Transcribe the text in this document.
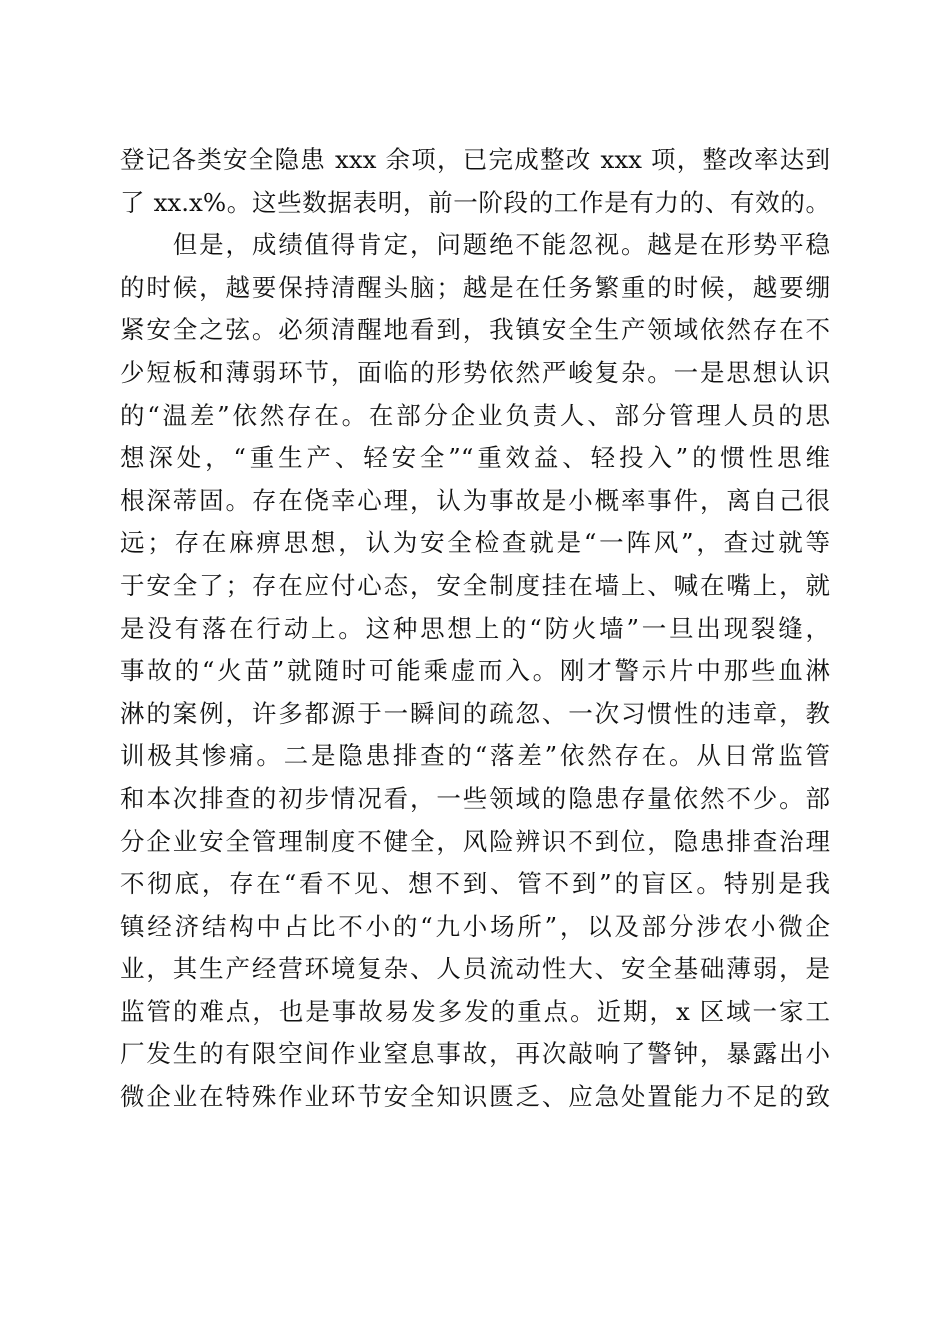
登记各类安全隐患 xxx 余项，已完成整改 xxx 项，整改率达到
了 xx.x%。这些数据表明，前一阶段的工作是有力的、有效的。
　　但是，成绩值得肯定，问题绝不能忽视。越是在形势平稳
的时候，越要保持清醒头脑；越是在任务繁重的时候，越要绷
紧安全之弦。必须清醒地看到，我镇安全生产领域依然存在不
少短板和薄弱环节，面临的形势依然严峻复杂。一是思想认识
的“温差”依然存在。在部分企业负责人、部分管理人员的思
想深处，“重生产、轻安全”“重效益、轻投入”的惯性思维
根深蒂固。存在侥幸心理，认为事故是小概率事件，离自己很
远；存在麻痹思想，认为安全检查就是“一阵风”，查过就等
于安全了；存在应付心态，安全制度挂在墙上、喊在嘴上，就
是没有落在行动上。这种思想上的“防火墙”一旦出现裂缝，
事故的“火苗”就随时可能乘虚而入。刚才警示片中那些血淋
淋的案例，许多都源于一瞬间的疏忽、一次习惯性的违章，教
训极其惨痛。二是隐患排查的“落差”依然存在。从日常监管
和本次排查的初步情况看，一些领域的隐患存量依然不少。部
分企业安全管理制度不健全，风险辨识不到位，隐患排查治理
不彻底，存在“看不见、想不到、管不到”的盲区。特别是我
镇经济结构中占比不小的“九小场所”，以及部分涉农小微企
业，其生产经营环境复杂、人员流动性大、安全基础薄弱，是
监管的难点，也是事故易发多发的重点。近期，x 区域一家工
厂发生的有限空间作业窒息事故，再次敲响了警钟，暴露出小
微企业在特殊作业环节安全知识匮乏、应急处置能力不足的致
